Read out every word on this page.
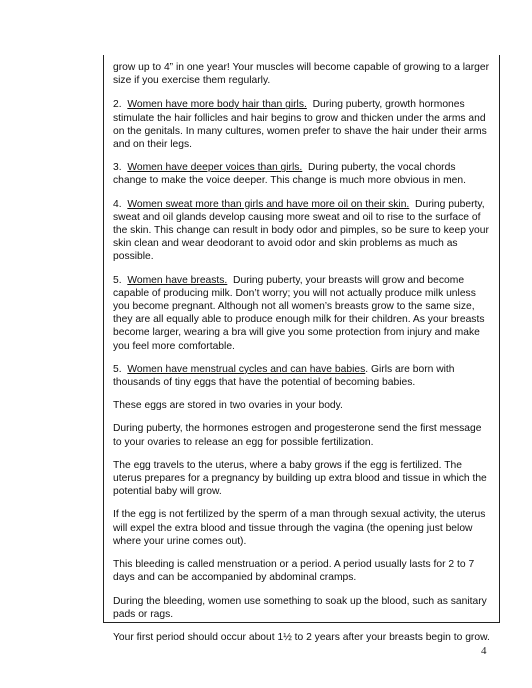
grow up to 4” in one year! Your muscles will become capable of growing to a larger size if you exercise them regularly.

2. Women have more body hair than girls. During puberty, growth hormones stimulate the hair follicles and hair begins to grow and thicken under the arms and on the genitals. In many cultures, women prefer to shave the hair under their arms and on their legs.

3. Women have deeper voices than girls. During puberty, the vocal chords change to make the voice deeper. This change is much more obvious in men.

4. Women sweat more than girls and have more oil on their skin. During puberty, sweat and oil glands develop causing more sweat and oil to rise to the surface of the skin. This change can result in body odor and pimples, so be sure to keep your skin clean and wear deodorant to avoid odor and skin problems as much as possible.

5. Women have breasts. During puberty, your breasts will grow and become capable of producing milk. Don’t worry; you will not actually produce milk unless you become pregnant. Although not all women’s breasts grow to the same size, they are all equally able to produce enough milk for their children. As your breasts become larger, wearing a bra will give you some protection from injury and make you feel more comfortable.

5. Women have menstrual cycles and can have babies. Girls are born with thousands of tiny eggs that have the potential of becoming babies.

These eggs are stored in two ovaries in your body.

During puberty, the hormones estrogen and progesterone send the first message to your ovaries to release an egg for possible fertilization.

The egg travels to the uterus, where a baby grows if the egg is fertilized. The uterus prepares for a pregnancy by building up extra blood and tissue in which the potential baby will grow.

If the egg is not fertilized by the sperm of a man through sexual activity, the uterus will expel the extra blood and tissue through the vagina (the opening just below where your urine comes out).

This bleeding is called menstruation or a period. A period usually lasts for 2 to 7 days and can be accompanied by abdominal cramps.

During the bleeding, women use something to soak up the blood, such as sanitary pads or rags.

Your first period should occur about 1½ to 2 years after your breasts begin to grow.

4
